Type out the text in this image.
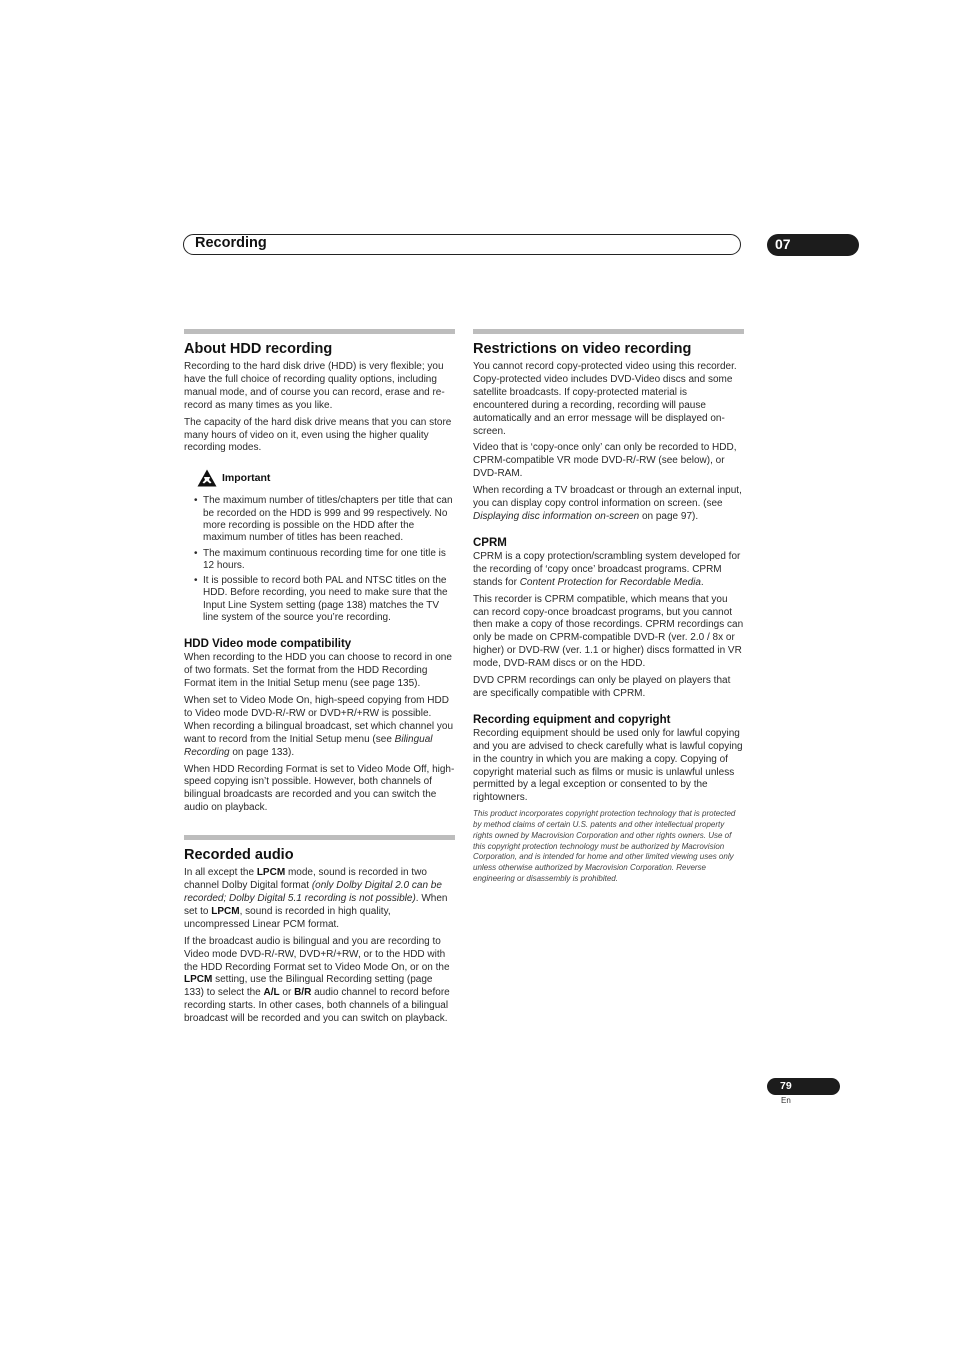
Recording	07
About HDD recording

Recording to the hard disk drive (HDD) is very flexible; you have the full choice of recording quality options, including manual mode, and of course you can record, erase and re-record as many times as you like.

The capacity of the hard disk drive means that you can store many hours of video on it, even using the higher quality recording modes.

Important
• The maximum number of titles/chapters per title that can be recorded on the HDD is 999 and 99 respectively. No more recording is possible on the HDD after the maximum number of titles has been reached.
• The maximum continuous recording time for one title is 12 hours.
• It is possible to record both PAL and NTSC titles on the HDD. Before recording, you need to make sure that the Input Line System setting (page 138) matches the TV line system of the source you’re recording.
HDD Video mode compatibility

When recording to the HDD you can choose to record in one of two formats. Set the format from the HDD Recording Format item in the Initial Setup menu (see page 135).

When set to Video Mode On, high-speed copying from HDD to Video mode DVD-R/-RW or DVD+R/+RW is possible. When recording a bilingual broadcast, set which channel you want to record from the Initial Setup menu (see Bilingual Recording on page 133).

When HDD Recording Format is set to Video Mode Off, high-speed copying isn’t possible. However, both channels of bilingual broadcasts are recorded and you can switch the audio on playback.

Recorded audio

In all except the LPCM mode, sound is recorded in two channel Dolby Digital format (only Dolby Digital 2.0 can be recorded; Dolby Digital 5.1 recording is not possible). When set to LPCM, sound is recorded in high quality, uncompressed Linear PCM format.

If the broadcast audio is bilingual and you are recording to Video mode DVD-R/-RW, DVD+R/+RW, or to the HDD with the HDD Recording Format set to Video Mode On, or on the LPCM setting, use the Bilingual Recording setting (page 133) to select the A/L or B/R audio channel to record before recording starts. In other cases, both channels of a bilingual broadcast will be recorded and you can switch on playback.

Restrictions on video recording

You cannot record copy-protected video using this recorder. Copy-protected video includes DVD-Video discs and some satellite broadcasts. If copy-protected material is encountered during a recording, recording will pause automatically and an error message will be displayed on-screen.

Video that is ‘copy-once only’ can only be recorded to HDD, CPRM-compatible VR mode DVD-R/-RW (see below), or DVD-RAM.

When recording a TV broadcast or through an external input, you can display copy control information on screen. (see Displaying disc information on-screen on page 97).

CPRM

CPRM is a copy protection/scrambling system developed for the recording of ‘copy once’ broadcast programs. CPRM stands for Content Protection for Recordable Media.

This recorder is CPRM compatible, which means that you can record copy-once broadcast programs, but you cannot then make a copy of those recordings. CPRM recordings can only be made on CPRM-compatible DVD-R (ver. 2.0 / 8x or higher) or DVD-RW (ver. 1.1 or higher) discs formatted in VR mode, DVD-RAM discs or on the HDD.

DVD CPRM recordings can only be played on players that are specifically compatible with CPRM.

Recording equipment and copyright

Recording equipment should be used only for lawful copying and you are advised to check carefully what is lawful copying in the country in which you are making a copy. Copying of copyright material such as films or music is unlawful unless permitted by a legal exception or consented to by the rightowners.

This product incorporates copyright protection technology that is protected by method claims of certain U.S. patents and other intellectual property rights owned by Macrovision Corporation and other rights owners. Use of this copyright protection technology must be authorized by Macrovision Corporation, and is intended for home and other limited viewing uses only unless otherwise authorized by Macrovision Corporation. Reverse engineering or disassembly is prohibited.

79
En
